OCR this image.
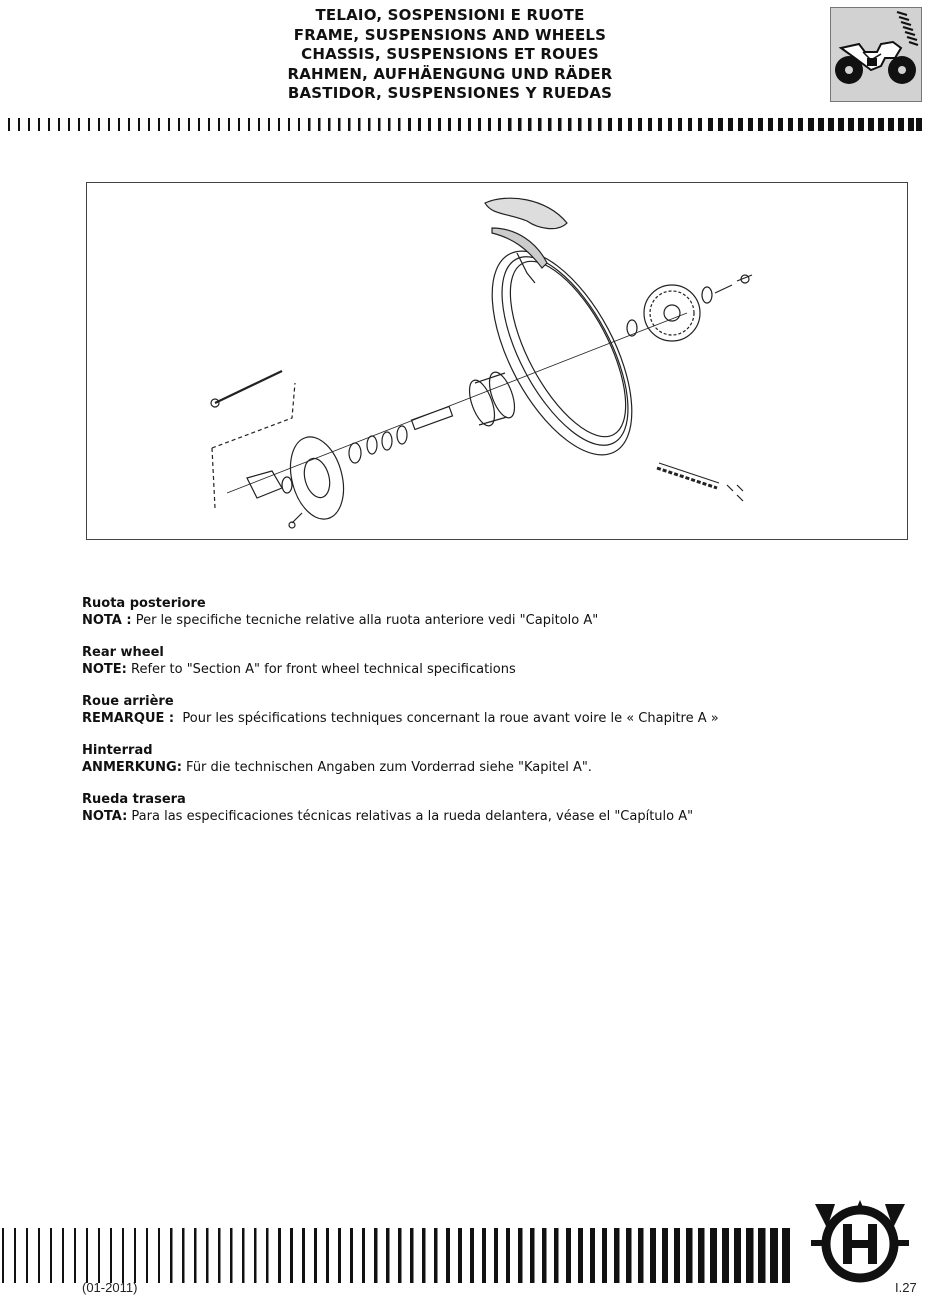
TELAIO, SOSPENSIONI E RUOTE
FRAME, SUSPENSIONS AND WHEELS
CHASSIS, SUSPENSIONS ET ROUES
RAHMEN, AUFHÄENGUNG UND RÄDER
BASTIDOR, SUSPENSIONES Y RUEDAS
Ruota posteriore
NOTA : Per le specifiche tecniche relative alla ruota anteriore vedi "Capitolo A"
Rear wheel
NOTE: Refer to "Section A" for front wheel technical specifications
Roue arrière
REMARQUE :  Pour les spécifications techniques concernant la roue avant voire le « Chapitre A »
Hinterrad
ANMERKUNG: Für die technischen Angaben zum Vorderrad siehe "Kapitel A".
Rueda trasera
NOTA: Para las especificaciones técnicas relativas a la rueda delantera, véase el "Capítulo A"
(01-2011)	I.27
